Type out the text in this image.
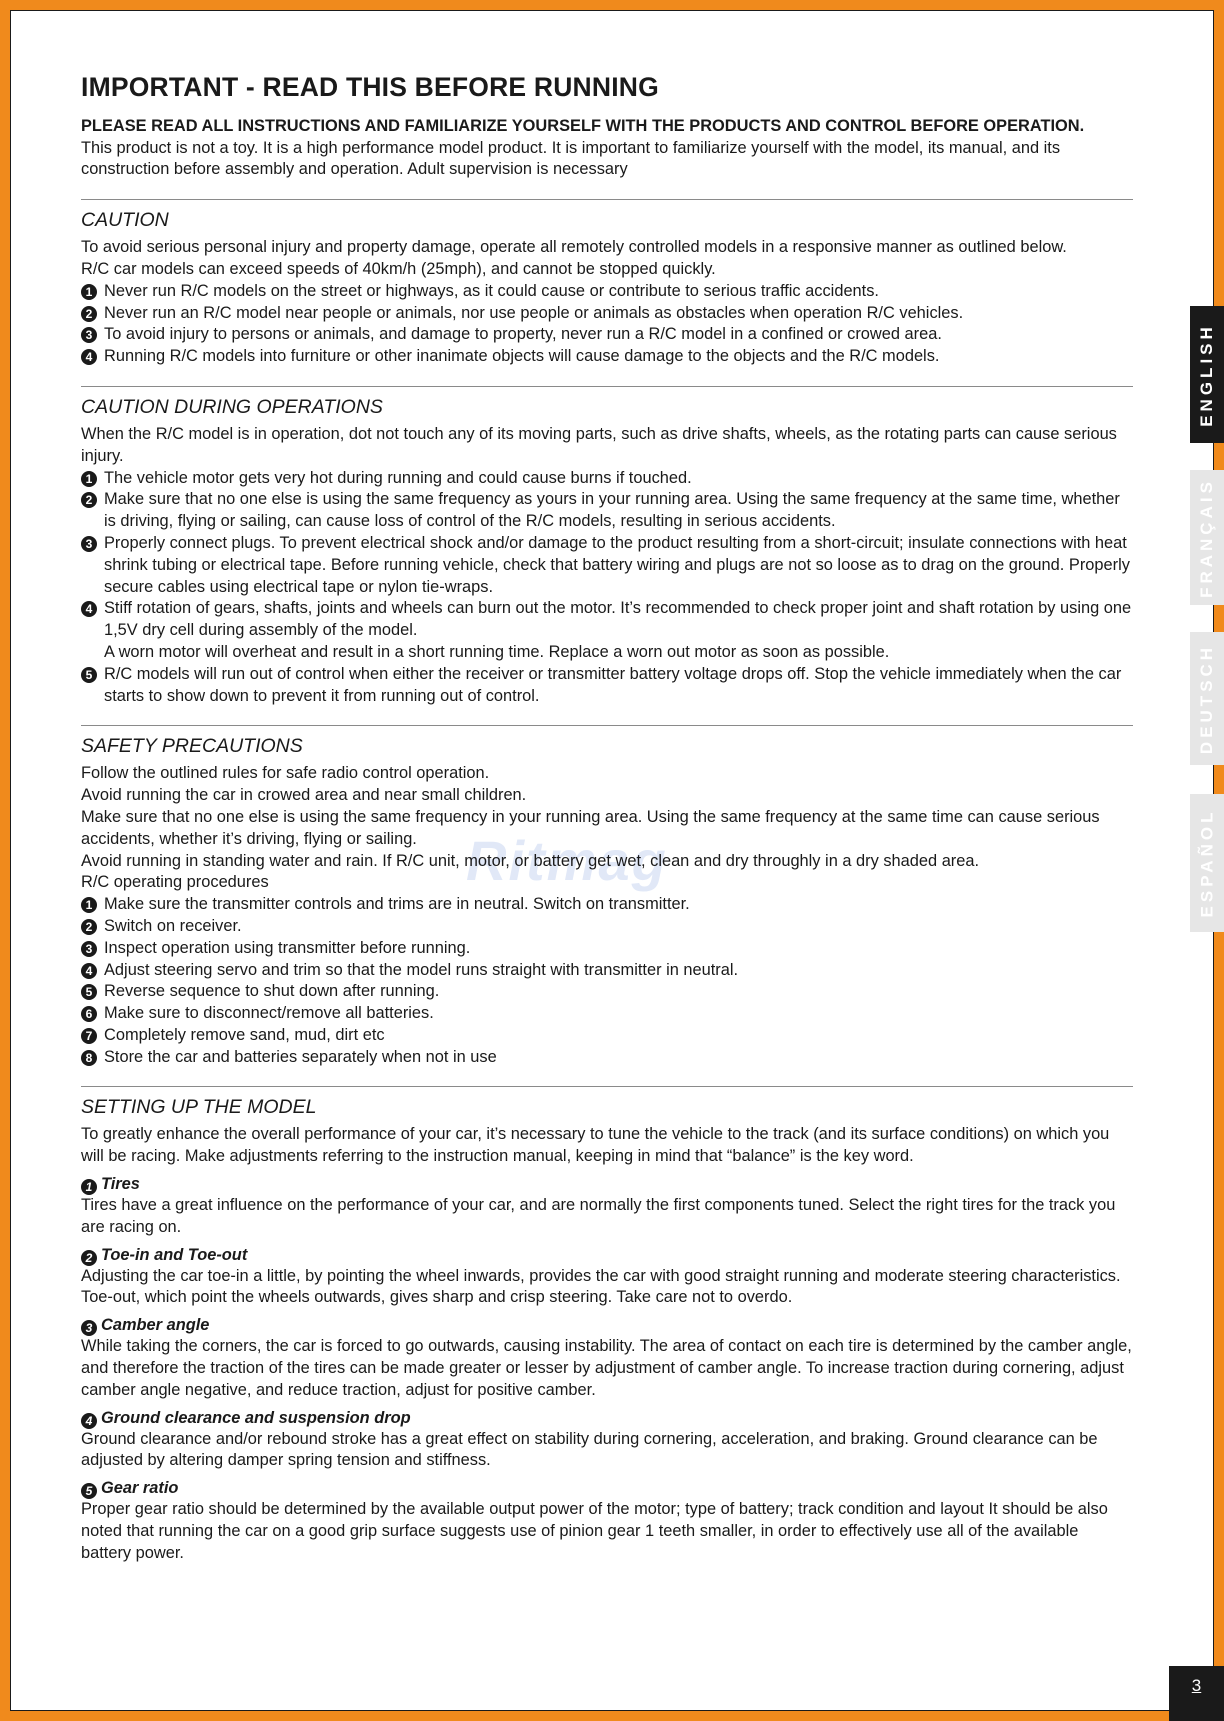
Ritmag
IMPORTANT - READ THIS BEFORE RUNNING
PLEASE READ ALL INSTRUCTIONS AND FAMILIARIZE YOURSELF WITH THE PRODUCTS AND CONTROL BEFORE OPERATION.

This product is not a toy. It is a high performance model product. It is important to familiarize yourself with the model, its manual, and its construction before assembly and operation. Adult supervision is necessary

CAUTION

To avoid serious personal injury and property damage, operate all remotely controlled models in a responsive manner as outlined below.

R/C car models can exceed speeds of 40km/h (25mph), and cannot be stopped quickly.

1 Never run R/C models on the street or highways, as it could cause or contribute to serious traffic accidents.
2 Never run an R/C model near people or animals, nor use people or animals as obstacles when operation R/C vehicles.
3 To avoid injury to persons or animals, and damage to property, never run a R/C model in a confined or crowed area.
4 Running R/C models into furniture or other inanimate objects will cause damage to the objects and the R/C models.
CAUTION DURING OPERATIONS

When the R/C model is in operation, dot not touch any of its moving parts, such as drive shafts, wheels, as the rotating parts can cause serious injury.

1 The vehicle motor gets very hot during running and could cause burns if touched.
2 Make sure that no one else is using the same frequency as yours in your running area. Using the same frequency at the same time, whether is driving, flying or sailing, can cause loss of control of the R/C models, resulting in serious accidents.
3 Properly connect plugs. To prevent electrical shock and/or damage to the product resulting from a short-circuit; insulate connections with heat shrink tubing or electrical tape. Before running vehicle, check that battery wiring and plugs are not so loose as to drag on the ground. Properly secure cables using electrical tape or nylon tie-wraps.
4 Stiff rotation of gears, shafts, joints and wheels can burn out the motor. It’s recommended to check proper joint and shaft rotation by using one 1,5V dry cell during assembly of the model.
A worn motor will overheat and result in a short running time. Replace a worn out motor as soon as possible.
5 R/C models will run out of control when either the receiver or transmitter battery voltage drops off. Stop the vehicle immediately when the car starts to show down to prevent it from running out of control.
SAFETY PRECAUTIONS

Follow the outlined rules for safe radio control operation.

Avoid running the car in crowed area and near small children.

Make sure that no one else is using the same frequency in your running area. Using the same frequency at the same time can cause serious accidents, whether it’s driving, flying or sailing.

Avoid running in standing water and rain. If R/C unit, motor, or battery get wet, clean and dry throughly in a dry shaded area.

R/C operating procedures

1 Make sure the transmitter controls and trims are in neutral. Switch on transmitter.
2 Switch on receiver.
3 Inspect operation using transmitter before running.
4 Adjust steering servo and trim so that the model runs straight with transmitter in neutral.
5 Reverse sequence to shut down after running.
6 Make sure to disconnect/remove all batteries.
7 Completely remove sand, mud, dirt etc
8 Store the car and batteries separately when not in use
SETTING UP THE MODEL

To greatly enhance the overall performance of your car, it’s necessary to tune the vehicle to the track (and its surface conditions) on which you will be racing. Make adjustments referring to the instruction manual, keeping in mind that “balance” is the key word.

1 Tires

Tires have a great influence on the performance of your car, and are normally the first components tuned. Select the right tires for the track you are racing on.

2 Toe-in and Toe-out

Adjusting the car toe-in a little, by pointing the wheel inwards, provides the car with good straight running and moderate steering characteristics. Toe-out, which point the wheels outwards, gives sharp and crisp steering. Take care not to overdo.

3 Camber angle

While taking the corners, the car is forced to go outwards, causing instability. The area of contact on each tire is determined by the camber angle, and therefore the traction of the tires can be made greater or lesser by adjustment of camber angle. To increase traction during cornering, adjust camber angle negative, and reduce traction, adjust for positive camber.

4 Ground clearance and suspension drop

Ground clearance and/or rebound stroke has a great effect on stability during cornering, acceleration, and braking. Ground clearance can be adjusted by altering damper spring tension and stiffness.

5 Gear ratio

Proper gear ratio should be determined by the available output power of the motor; type of battery; track condition and layout It should be also noted that running the car on a good grip surface suggests use of pinion gear 1 teeth smaller, in order to effectively use all of the available battery power.

ENGLISH
FRANÇAIS
DEUTSCH
ESPAÑOL
3
